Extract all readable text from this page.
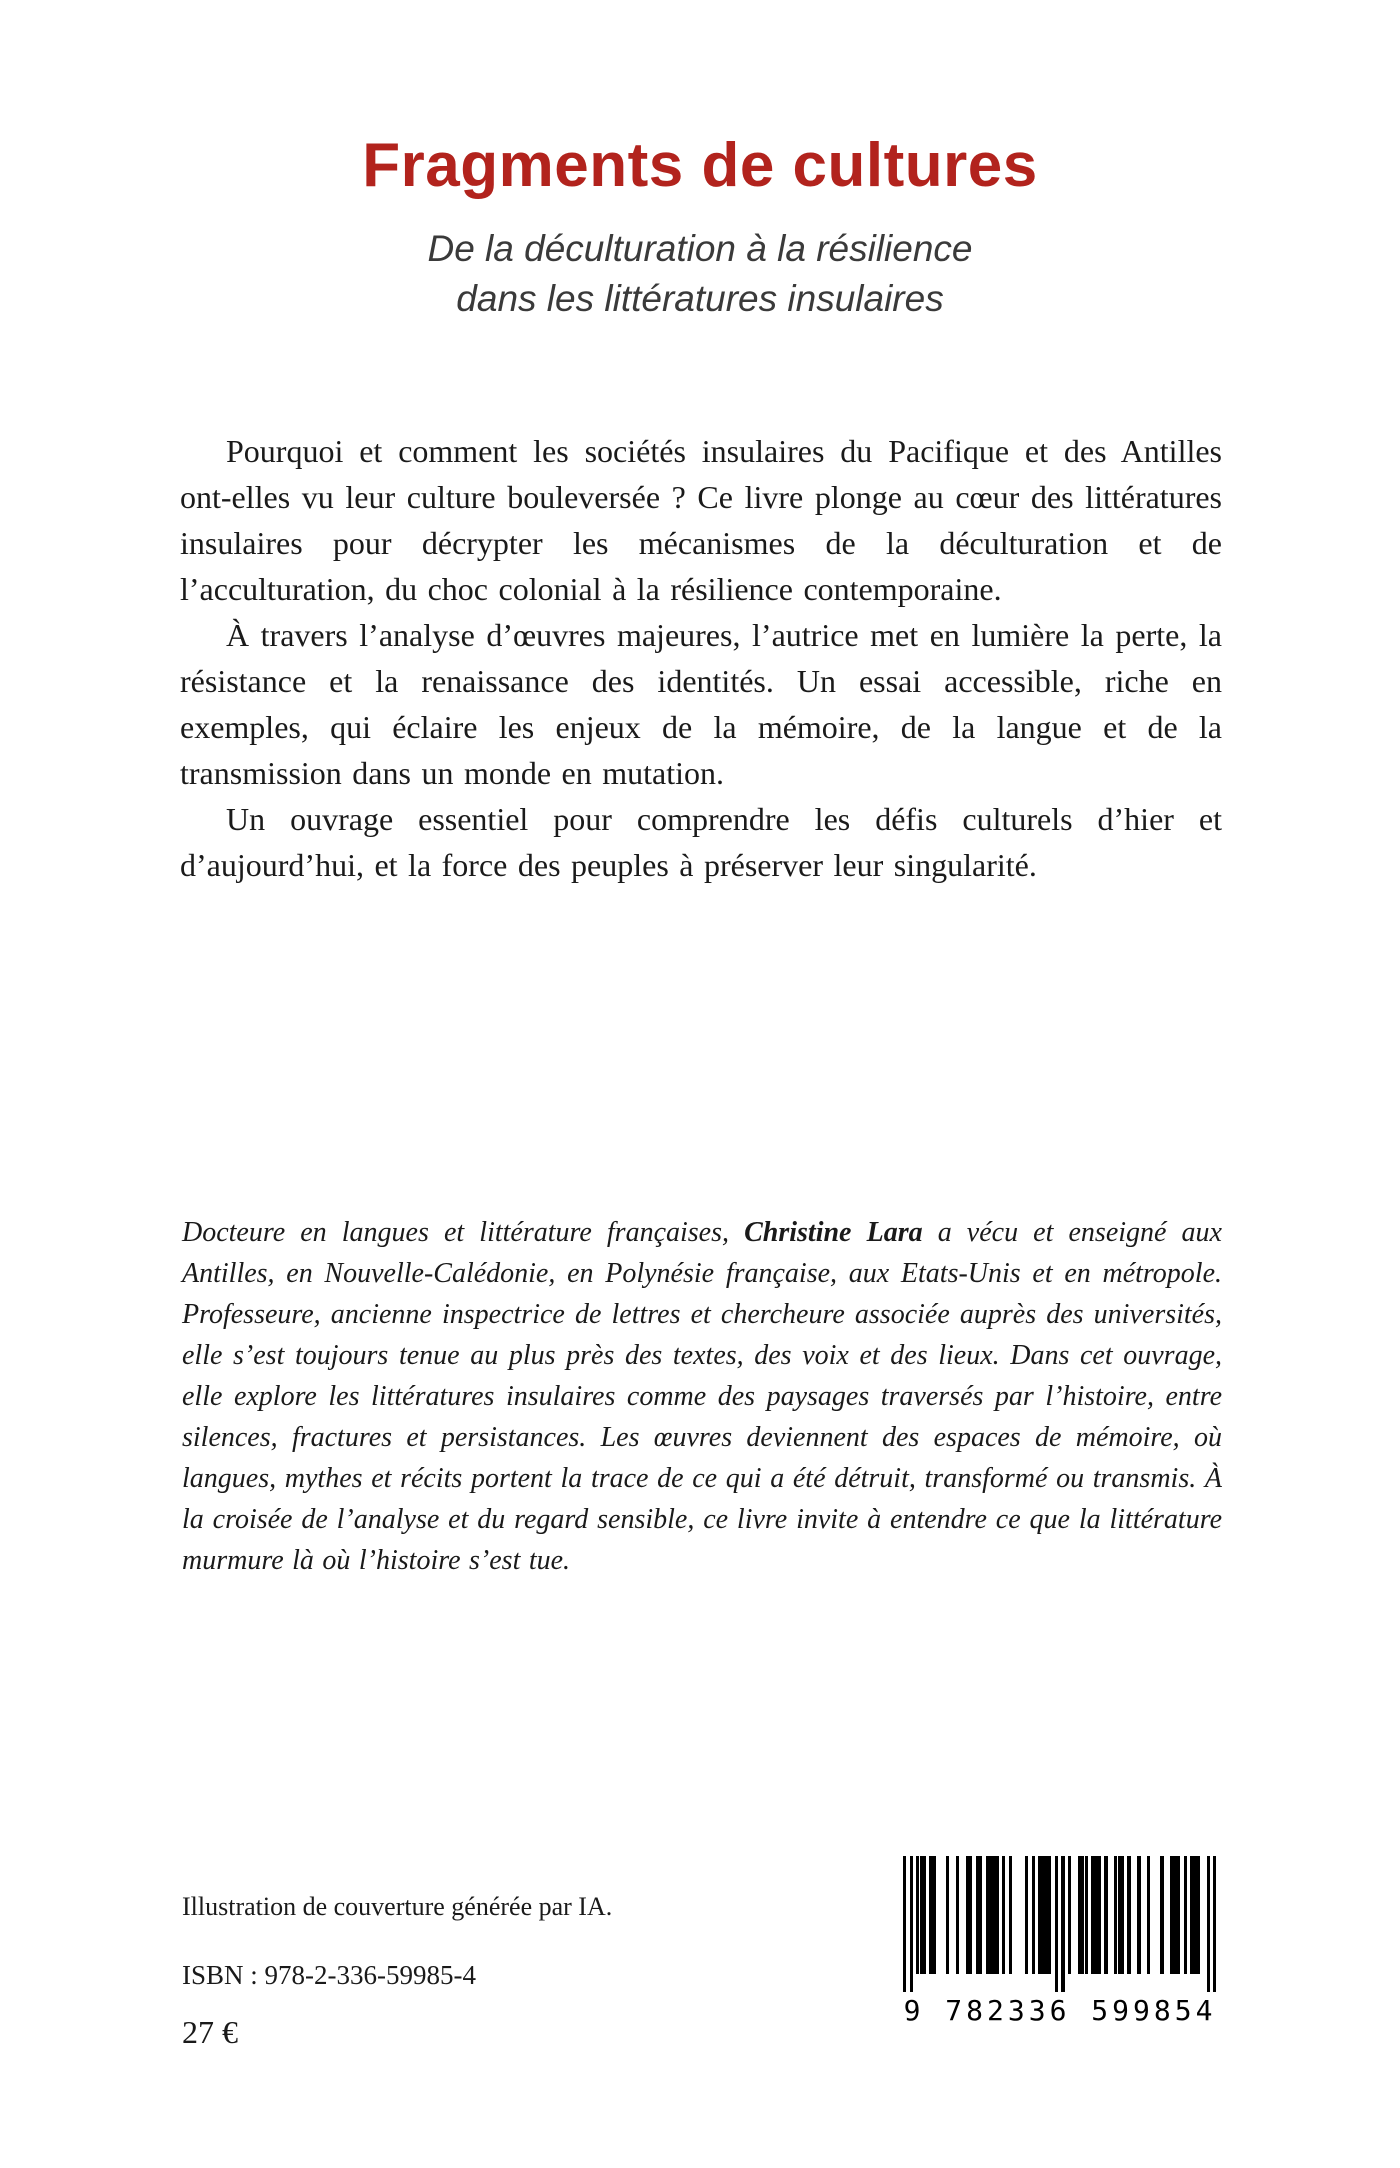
Fragments de cultures
De la déculturation à la résilience
dans les littératures insulaires

Pourquoi et comment les sociétés insulaires du Pacifique et des Antilles ont-elles vu leur culture bouleversée ? Ce livre plonge au cœur des littératures insulaires pour décrypter les mécanismes de la déculturation et de l’acculturation, du choc colonial à la résilience contemporaine.

À travers l’analyse d’œuvres majeures, l’autrice met en lumière la perte, la résistance et la renaissance des identités. Un essai accessible, riche en exemples, qui éclaire les enjeux de la mémoire, de la langue et de la transmission dans un monde en mutation.

Un ouvrage essentiel pour comprendre les défis culturels d’hier et d’aujourd’hui, et la force des peuples à préserver leur singularité.

Docteure en langues et littérature françaises, Christine Lara a vécu et enseigné aux Antilles, en Nouvelle-Calédonie, en Polynésie française, aux Etats-Unis et en métropole. Professeure, ancienne inspectrice de lettres et chercheure associée auprès des universités, elle s’est toujours tenue au plus près des textes, des voix et des lieux. Dans cet ouvrage, elle explore les littératures insulaires comme des paysages traversés par l’histoire, entre silences, fractures et persistances. Les œuvres deviennent des espaces de mémoire, où langues, mythes et récits portent la trace de ce qui a été détruit, transformé ou transmis. À la croisée de l’analyse et du regard sensible, ce livre invite à entendre ce que la littérature murmure là où l’histoire s’est tue.
Illustration de couverture générée par IA.
ISBN : 978-2-336-59985-4
27 €
9 782336 599854
